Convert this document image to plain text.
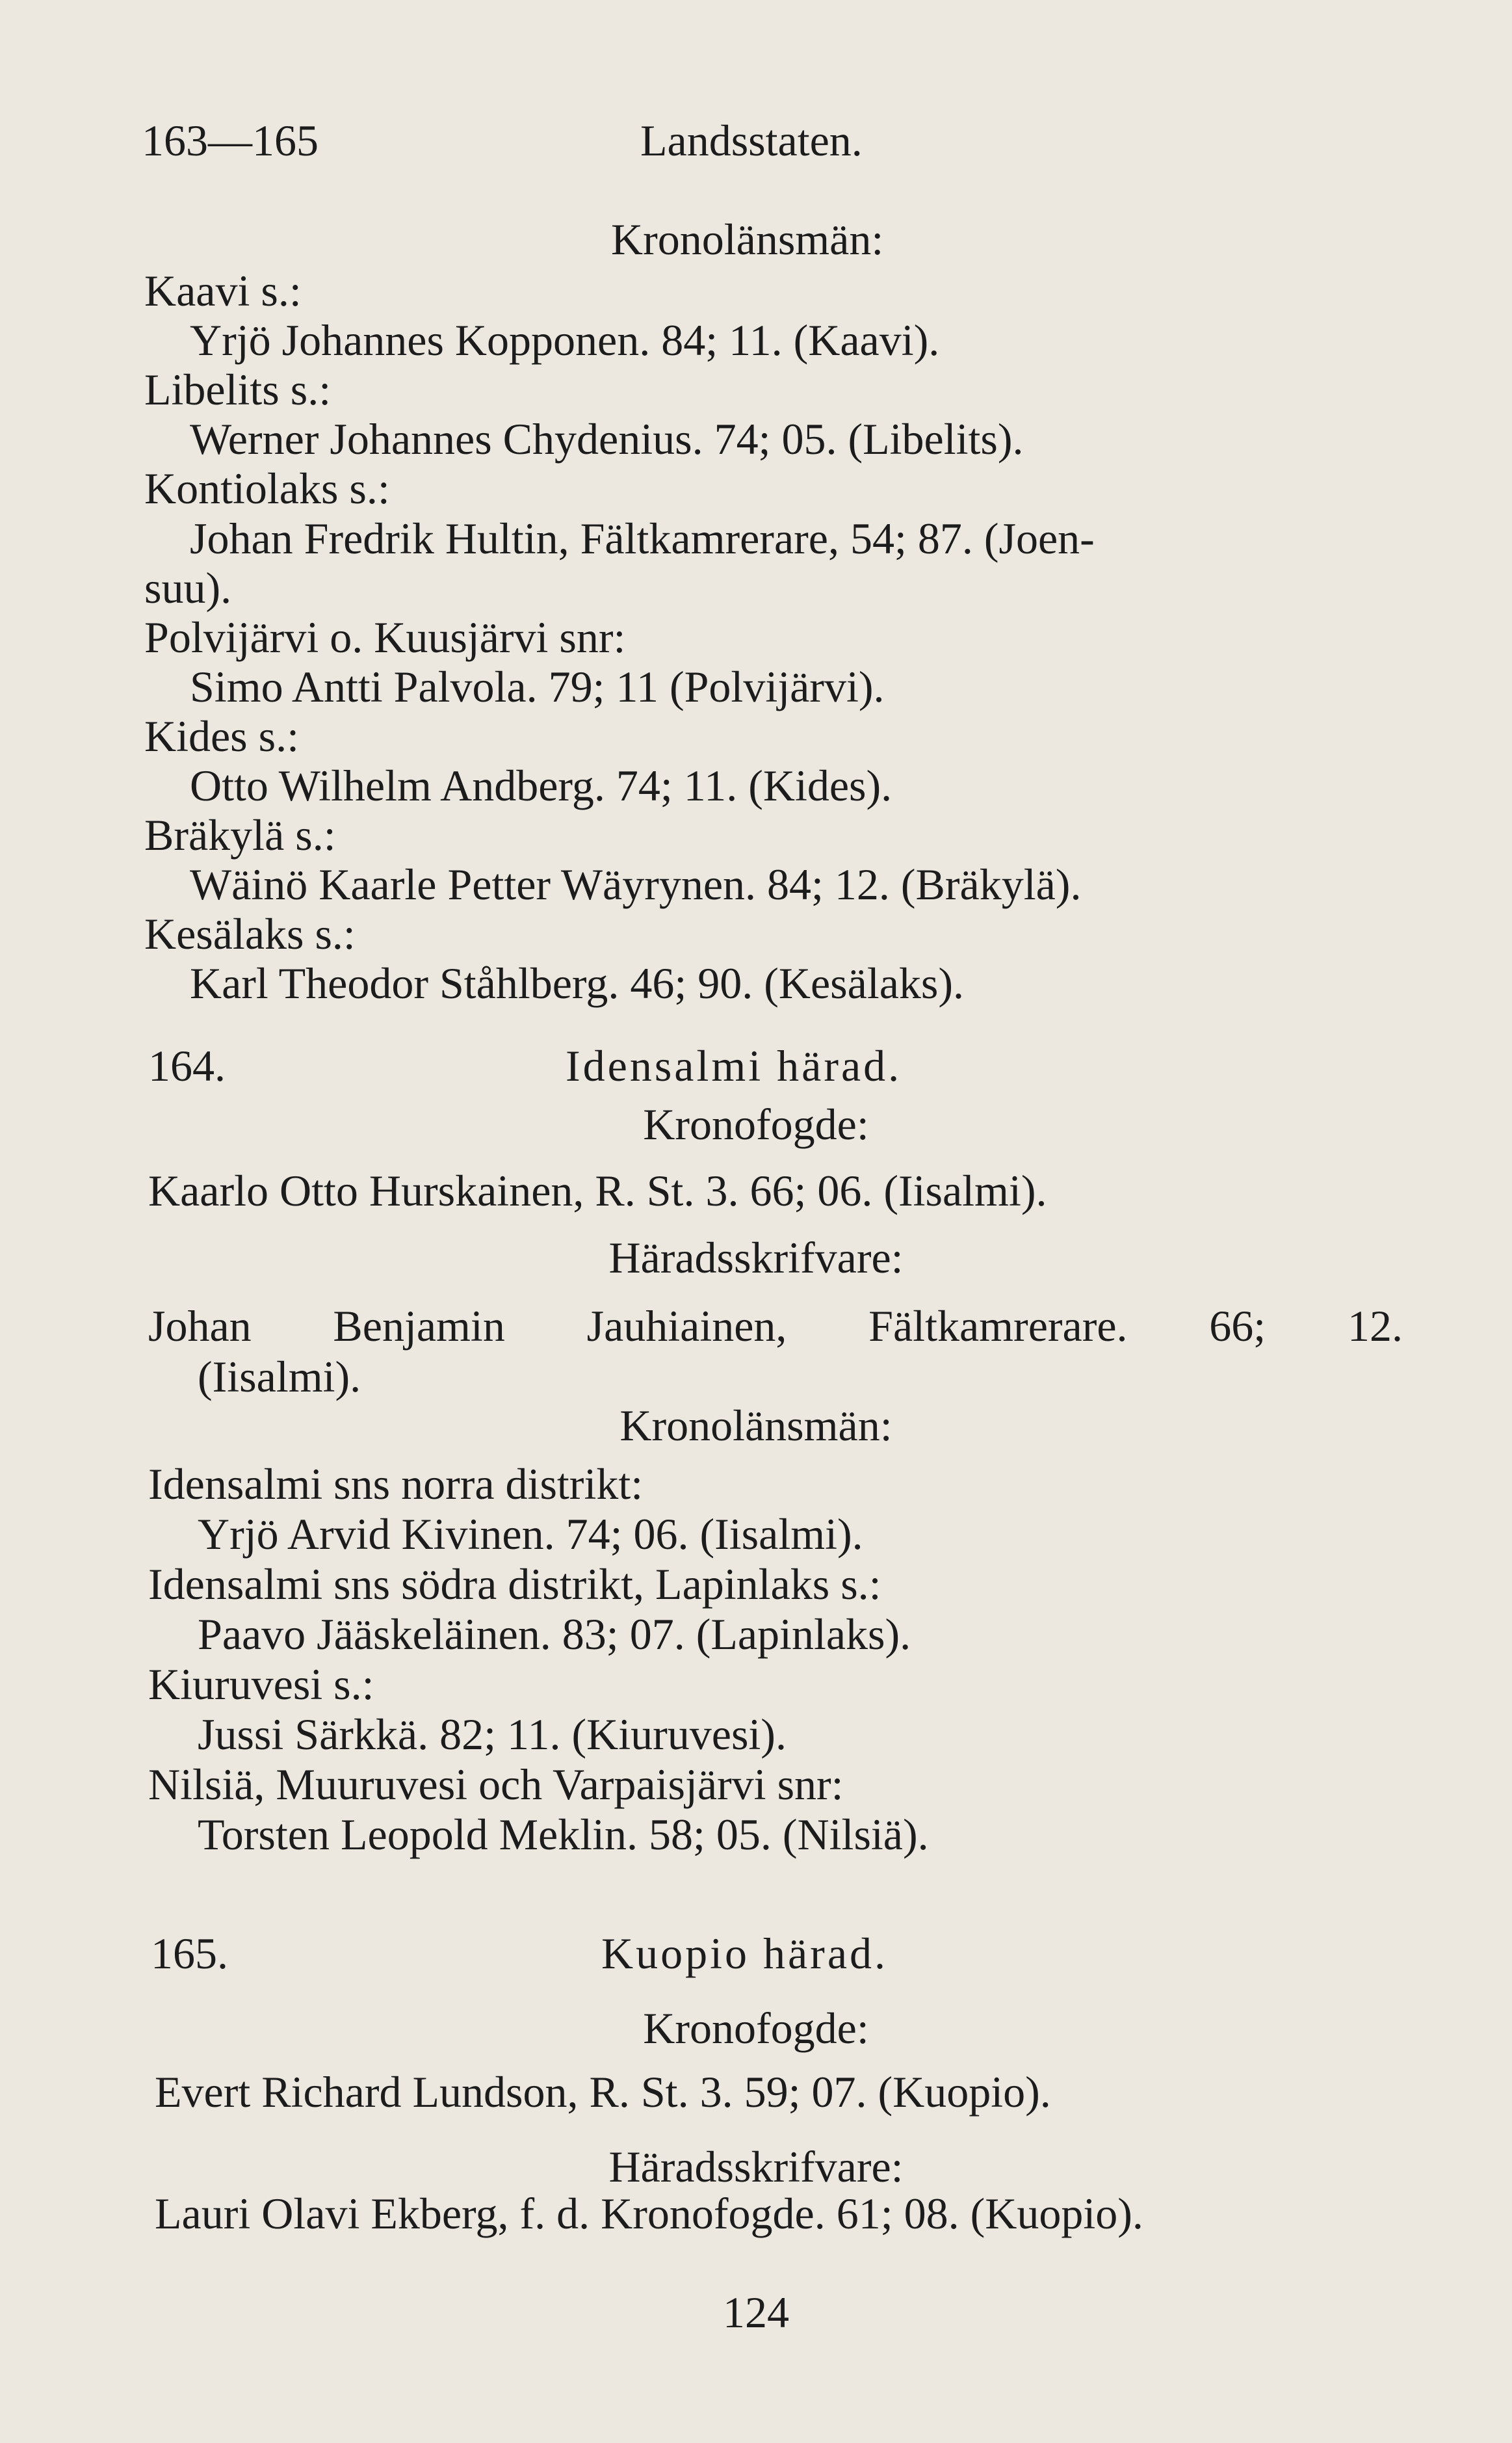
163—165	Landsstaten.
Kronolänsmän:
Kaavi s.:
Yrjö Johannes Kopponen. 84; 11. (Kaavi).
Libelits s.:
Werner Johannes Chydenius. 74; 05. (Libelits).
Kontiolaks s.:
Johan Fredrik Hultin, Fältkamrerare, 54; 87. (Joen-
suu).
Polvijärvi o. Kuusjärvi snr:
Simo Antti Palvola. 79; 11 (Polvijärvi).
Kides s.:
Otto Wilhelm Andberg. 74; 11. (Kides).
Bräkylä s.:
Wäinö Kaarle Petter Wäyrynen. 84; 12. (Bräkylä).
Kesälaks s.:
Karl Theodor Ståhlberg. 46; 90. (Kesälaks).
164.	Idensalmi härad.
Kronofogde:
Kaarlo Otto Hurskainen, R. St. 3. 66; 06. (Iisalmi).
Häradsskrifvare:
Johan Benjamin Jauhiainen, Fältkamrerare. 66; 12.
(Iisalmi).
Kronolänsmän:
Idensalmi sns norra distrikt:
Yrjö Arvid Kivinen. 74; 06. (Iisalmi).
Idensalmi sns södra distrikt, Lapinlaks s.:
Paavo Jääskeläinen. 83; 07. (Lapinlaks).
Kiuruvesi s.:
Jussi Särkkä. 82; 11. (Kiuruvesi).
Nilsiä, Muuruvesi och Varpaisjärvi snr:
Torsten Leopold Meklin. 58; 05. (Nilsiä).
165.	Kuopio härad.
Kronofogde:
Evert Richard Lundson, R. St. 3. 59; 07. (Kuopio).
Häradsskrifvare:
Lauri Olavi Ekberg, f. d. Kronofogde. 61; 08. (Kuopio).
124
